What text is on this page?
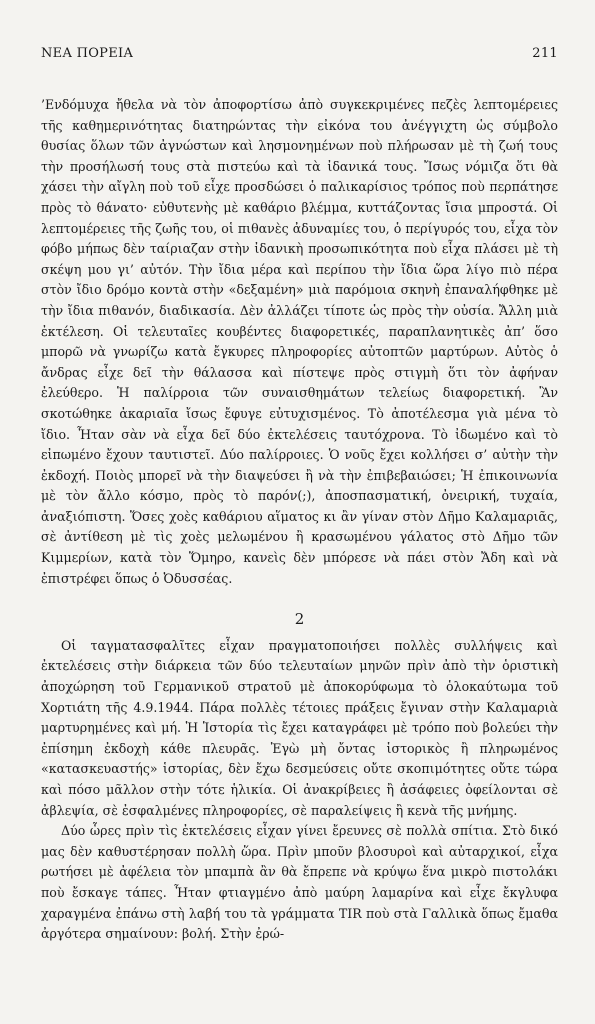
ΝΕΑ ΠΟΡΕΙΑ	211

’Ενδόμυχα ἤθελα νὰ τὸν ἀποφορτίσω ἀπὸ συγκεκριμένες πεζὲς λεπτομέρειες τῆς καθημερινότητας διατηρώντας τὴν εἰκόνα του ἀνέγγιχτη ὡς σύμβολο θυσίας ὅλων τῶν ἀγνώστων καὶ λησμονημένων ποὺ πλήρωσαν μὲ τὴ ζωή τους τὴν προσήλωσή τους στὰ πιστεύω καὶ τὰ ἰδανικά τους. Ἴσως νόμιζα ὅτι θὰ χάσει τὴν αἴγλη ποὺ τοῦ εἶχε προσδώσει ὁ παλικαρίσιος τρόπος ποὺ περπάτησε πρὸς τὸ θάνατο· εὐθυτενὴς μὲ καθάριο βλέμμα, κυττάζοντας ἴσια μπροστά. Οἱ λεπτομέρειες τῆς ζωῆς του, οἱ πιθανὲς ἀδυναμίες του, ὁ περίγυρός του, εἶχα τὸν φόβο μήπως δὲν ταίριαζαν στὴν ἰδανικὴ προσωπικότητα ποὺ εἶχα πλάσει μὲ τὴ σκέψη μου γι’ αὐτόν. Τὴν ἴδια μέρα καὶ περίπου τὴν ἴδια ὥρα λίγο πιὸ πέρα στὸν ἴδιο δρόμο κοντὰ στὴν «δεξαμένη» μιὰ παρόμοια σκηνὴ ἐπαναλήφθηκε μὲ τὴν ἴδια πιθανόν, διαδικασία. Δὲν ἀλλάζει τίποτε ὡς πρὸς τὴν οὐσία. Ἄλλη μιὰ ἐκτέλεση. Οἱ τελευταῖες κουβέντες διαφορετικές, παραπλανητικὲς ἀπ’ ὅσο μπορῶ νὰ γνωρίζω κατὰ ἔγκυρες πληροφορίες αὐτοπτῶν μαρτύρων. Αὐτὸς ὁ ἄνδρας εἶχε δεῖ τὴν θάλασσα καὶ πίστεψε πρὸς στιγμὴ ὅτι τὸν ἀφήναν ἐλεύθερο. Ἡ παλίρροια τῶν συναισθημάτων τελείως διαφορετική. Ἂν σκοτώθηκε ἀκαριαῖα ἴσως ἔφυγε εὐτυχισμένος. Τὸ ἀποτέλεσμα γιὰ μένα τὸ ἴδιο. Ἦταν σὰν νὰ εἶχα δεῖ δύο ἐκτελέσεις ταυτόχρονα. Τὸ ἰδωμένο καὶ τὸ εἰπωμένο ἔχουν ταυτιστεῖ. Δύο παλίρροιες. Ὁ νοῦς ἔχει κολλήσει σ’ αὐτὴν τὴν ἐκδοχή. Ποιὸς μπορεῖ νὰ τὴν διαψεύσει ἢ νὰ τὴν ἐπιβεβαιώσει; Ἡ ἐπικοινωνία μὲ τὸν ἄλλο κόσμο, πρὸς τὸ παρόν(;), ἀποσπασματική, ὀνειρική, τυχαία, ἀναξιόπιστη. Ὅσες χοὲς καθάριου αἵματος κι ἂν γίναν στὸν Δῆμο Καλαμαριᾶς, σὲ ἀντίθεση μὲ τὶς χοὲς μελωμένου ἢ κρασωμένου γάλατος στὸ Δῆμο τῶν Κιμμερίων, κατὰ τὸν Ὅμηρο, κανεὶς δὲν μπόρεσε νὰ πάει στὸν Ἄδη καὶ νὰ ἐπιστρέφει ὅπως ὁ Ὀδυσσέας.

2

Οἱ ταγματασφαλῖτες εἶχαν πραγματοποιήσει πολλὲς συλλήψεις καὶ ἐκτελέσεις στὴν διάρκεια τῶν δύο τελευταίων μηνῶν πρὶν ἀπὸ τὴν ὁριστικὴ ἀποχώρηση τοῦ Γερμανικοῦ στρατοῦ μὲ ἀποκορύφωμα τὸ ὁλοκαύτωμα τοῦ Χορτιάτη τῆς 4.9.1944. Πάρα πολλὲς τέτοιες πράξεις ἔγιναν στὴν Καλαμαριὰ μαρτυρημένες καὶ μή. Ἡ Ἱστορία τὶς ἔχει καταγράφει μὲ τρόπο ποὺ βολεύει τὴν ἐπίσημη ἐκδοχὴ κάθε πλευρᾶς. Ἐγὼ μὴ ὄντας ἱστορικὸς ἢ πληρωμένος «κατασκευαστής» ἱστορίας, δὲν ἔχω δεσμεύσεις οὔτε σκοπιμότητες οὔτε τώρα καὶ πόσο μᾶλλον στὴν τότε ἡλικία. Οἱ ἀνακρίβειες ἢ ἀσάφειες ὀφείλονται σὲ ἀβλεψία, σὲ ἐσφαλμένες πληροφορίες, σὲ παραλείψεις ἢ κενὰ τῆς μνήμης.

Δύο ὧρες πρὶν τὶς ἐκτελέσεις εἶχαν γίνει ἔρευνες σὲ πολλὰ σπίτια. Στὸ δικό μας δὲν καθυστέρησαν πολλὴ ὥρα. Πρὶν μποῦν βλοσυροὶ καὶ αὐταρχικοί, εἶχα ρωτήσει μὲ ἀφέλεια τὸν μπαμπὰ ἂν θὰ ἔπρεπε νὰ κρύψω ἕνα μικρὸ πιστολάκι ποὺ ἔσκαγε τάπες. Ἦταν φτιαγμένο ἀπὸ μαύρη λαμαρίνα καὶ εἶχε ἔκγλυφα χαραγμένα ἐπάνω στὴ λαβή του τὰ γράμματα TIR ποὺ στὰ Γαλλικὰ ὅπως ἔμαθα ἀργότερα σημαίνουν: βολή. Στὴν ἐρώ-
